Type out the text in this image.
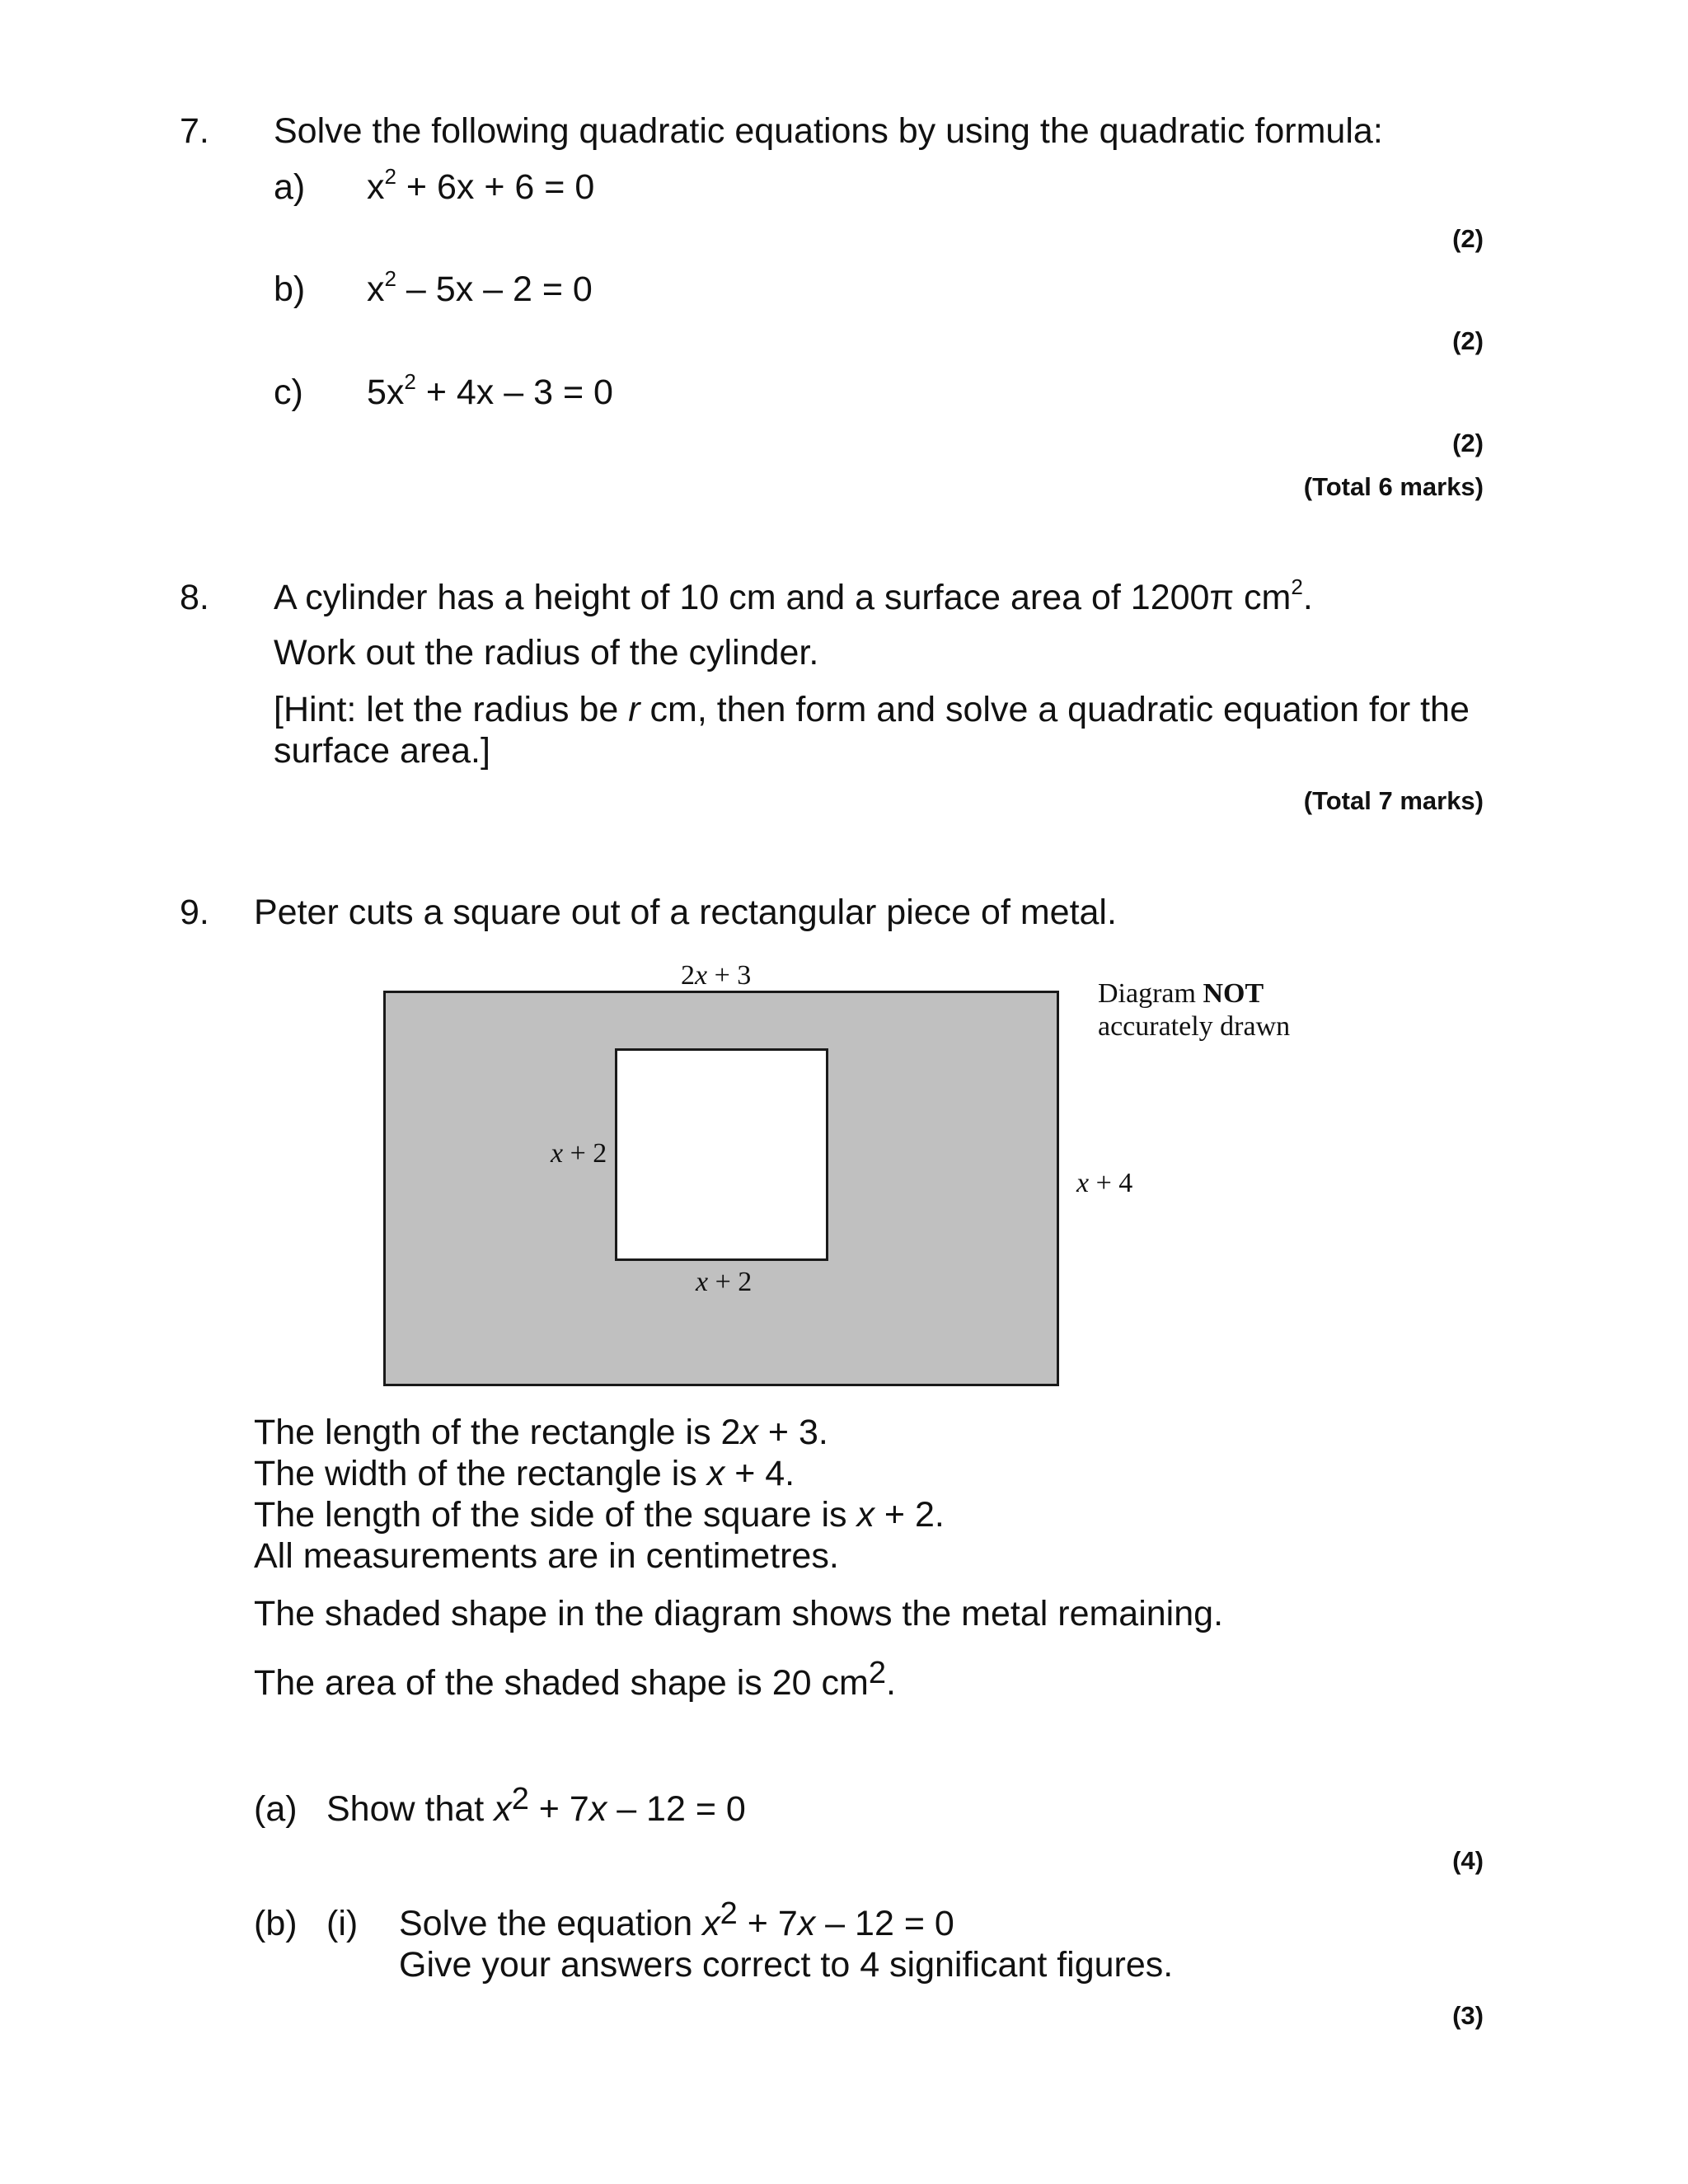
7. Solve the following quadratic equations by using the quadratic formula:
a) $x^2 + 6x + 6 = 0$
(2)
b) $x^2 - 5x - 2 = 0$
(2)
c) $5x^2 + 4x - 3 = 0$
(2)
(Total 6 marks)
8. A cylinder has a height of 10 cm and a surface area of 1200π $cm^2$.
Work out the radius of the cylinder.
[Hint: let the radius be r cm, then form and solve a quadratic equation for the surface area.]
(Total 7 marks)
9. Peter cuts a square out of a rectangular piece of metal.
2x + 3
Diagram NOT
accurately drawn
x + 2
x + 2
x + 4
The length of the rectangle is 2x + 3.
The width of the rectangle is x + 4.
The length of the side of the square is x + 2.
All measurements are in centimetres.
The shaded shape in the diagram shows the metal remaining.
The area of the shaded shape is 20 $cm^2$.
(a) Show that $x^2 + 7x - 12 = 0$
(4)
(b) (i) Solve the equation $x^2 + 7x - 12 = 0$
Give your answers correct to 4 significant figures.
(3)
